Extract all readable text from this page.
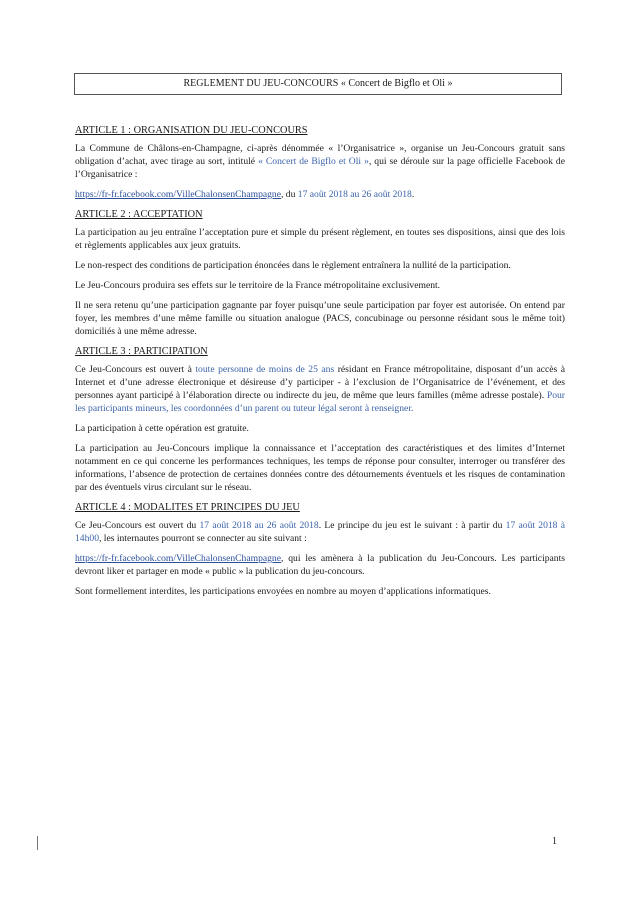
REGLEMENT DU JEU-CONCOURS « Concert de Bigflo et Oli »
ARTICLE 1 : ORGANISATION DU JEU-CONCOURS

La Commune de Châlons-en-Champagne, ci-après dénommée « l’Organisatrice », organise un Jeu-Concours gratuit sans obligation d’achat, avec tirage au sort, intitulé « Concert de Bigflo et Oli », qui se déroule sur la page officielle Facebook de l’Organisatrice :

https://fr-fr.facebook.com/VilleChalonsenChampagne, du 17 août 2018 au 26 août 2018.

ARTICLE 2 : ACCEPTATION

La participation au jeu entraîne l’acceptation pure et simple du présent règlement, en toutes ses dispositions, ainsi que des lois et règlements applicables aux jeux gratuits.

Le non-respect des conditions de participation énoncées dans le règlement entraînera la nullité de la participation.

Le Jeu-Concours produira ses effets sur le territoire de la France métropolitaine exclusivement.

Il ne sera retenu qu’une participation gagnante par foyer puisqu’une seule participation par foyer est autorisée. On entend par foyer, les membres d’une même famille ou situation analogue (PACS, concubinage ou personne résidant sous le même toit) domiciliés à une même adresse.

ARTICLE 3 : PARTICIPATION

Ce Jeu-Concours est ouvert à toute personne de moins de 25 ans résidant en France métropolitaine, disposant d’un accès à Internet et d’une adresse électronique et désireuse d’y participer - à l’exclusion de l’Organisatrice de l’événement, et des personnes ayant participé à l’élaboration directe ou indirecte du jeu, de même que leurs familles (même adresse postale). Pour les participants mineurs, les coordonnées d’un parent ou tuteur légal seront à renseigner.

La participation à cette opération est gratuite.

La participation au Jeu-Concours implique la connaissance et l’acceptation des caractéristiques et des limites d’Internet notamment en ce qui concerne les performances techniques, les temps de réponse pour consulter, interroger ou transférer des informations, l’absence de protection de certaines données contre des détournements éventuels et les risques de contamination par des éventuels virus circulant sur le réseau.

ARTICLE 4 : MODALITES ET PRINCIPES DU JEU

Ce Jeu-Concours est ouvert du 17 août 2018 au 26 août 2018. Le principe du jeu est le suivant : à partir du 17 août 2018 à 14h00, les internautes pourront se connecter au site suivant :

https://fr-fr.facebook.com/VilleChalonsenChampagne, qui les amènera à la publication du Jeu-Concours. Les participants devront liker et partager en mode « public » la publication du jeu-concours.

Sont formellement interdites, les participations envoyées en nombre au moyen d’applications informatiques.

1
